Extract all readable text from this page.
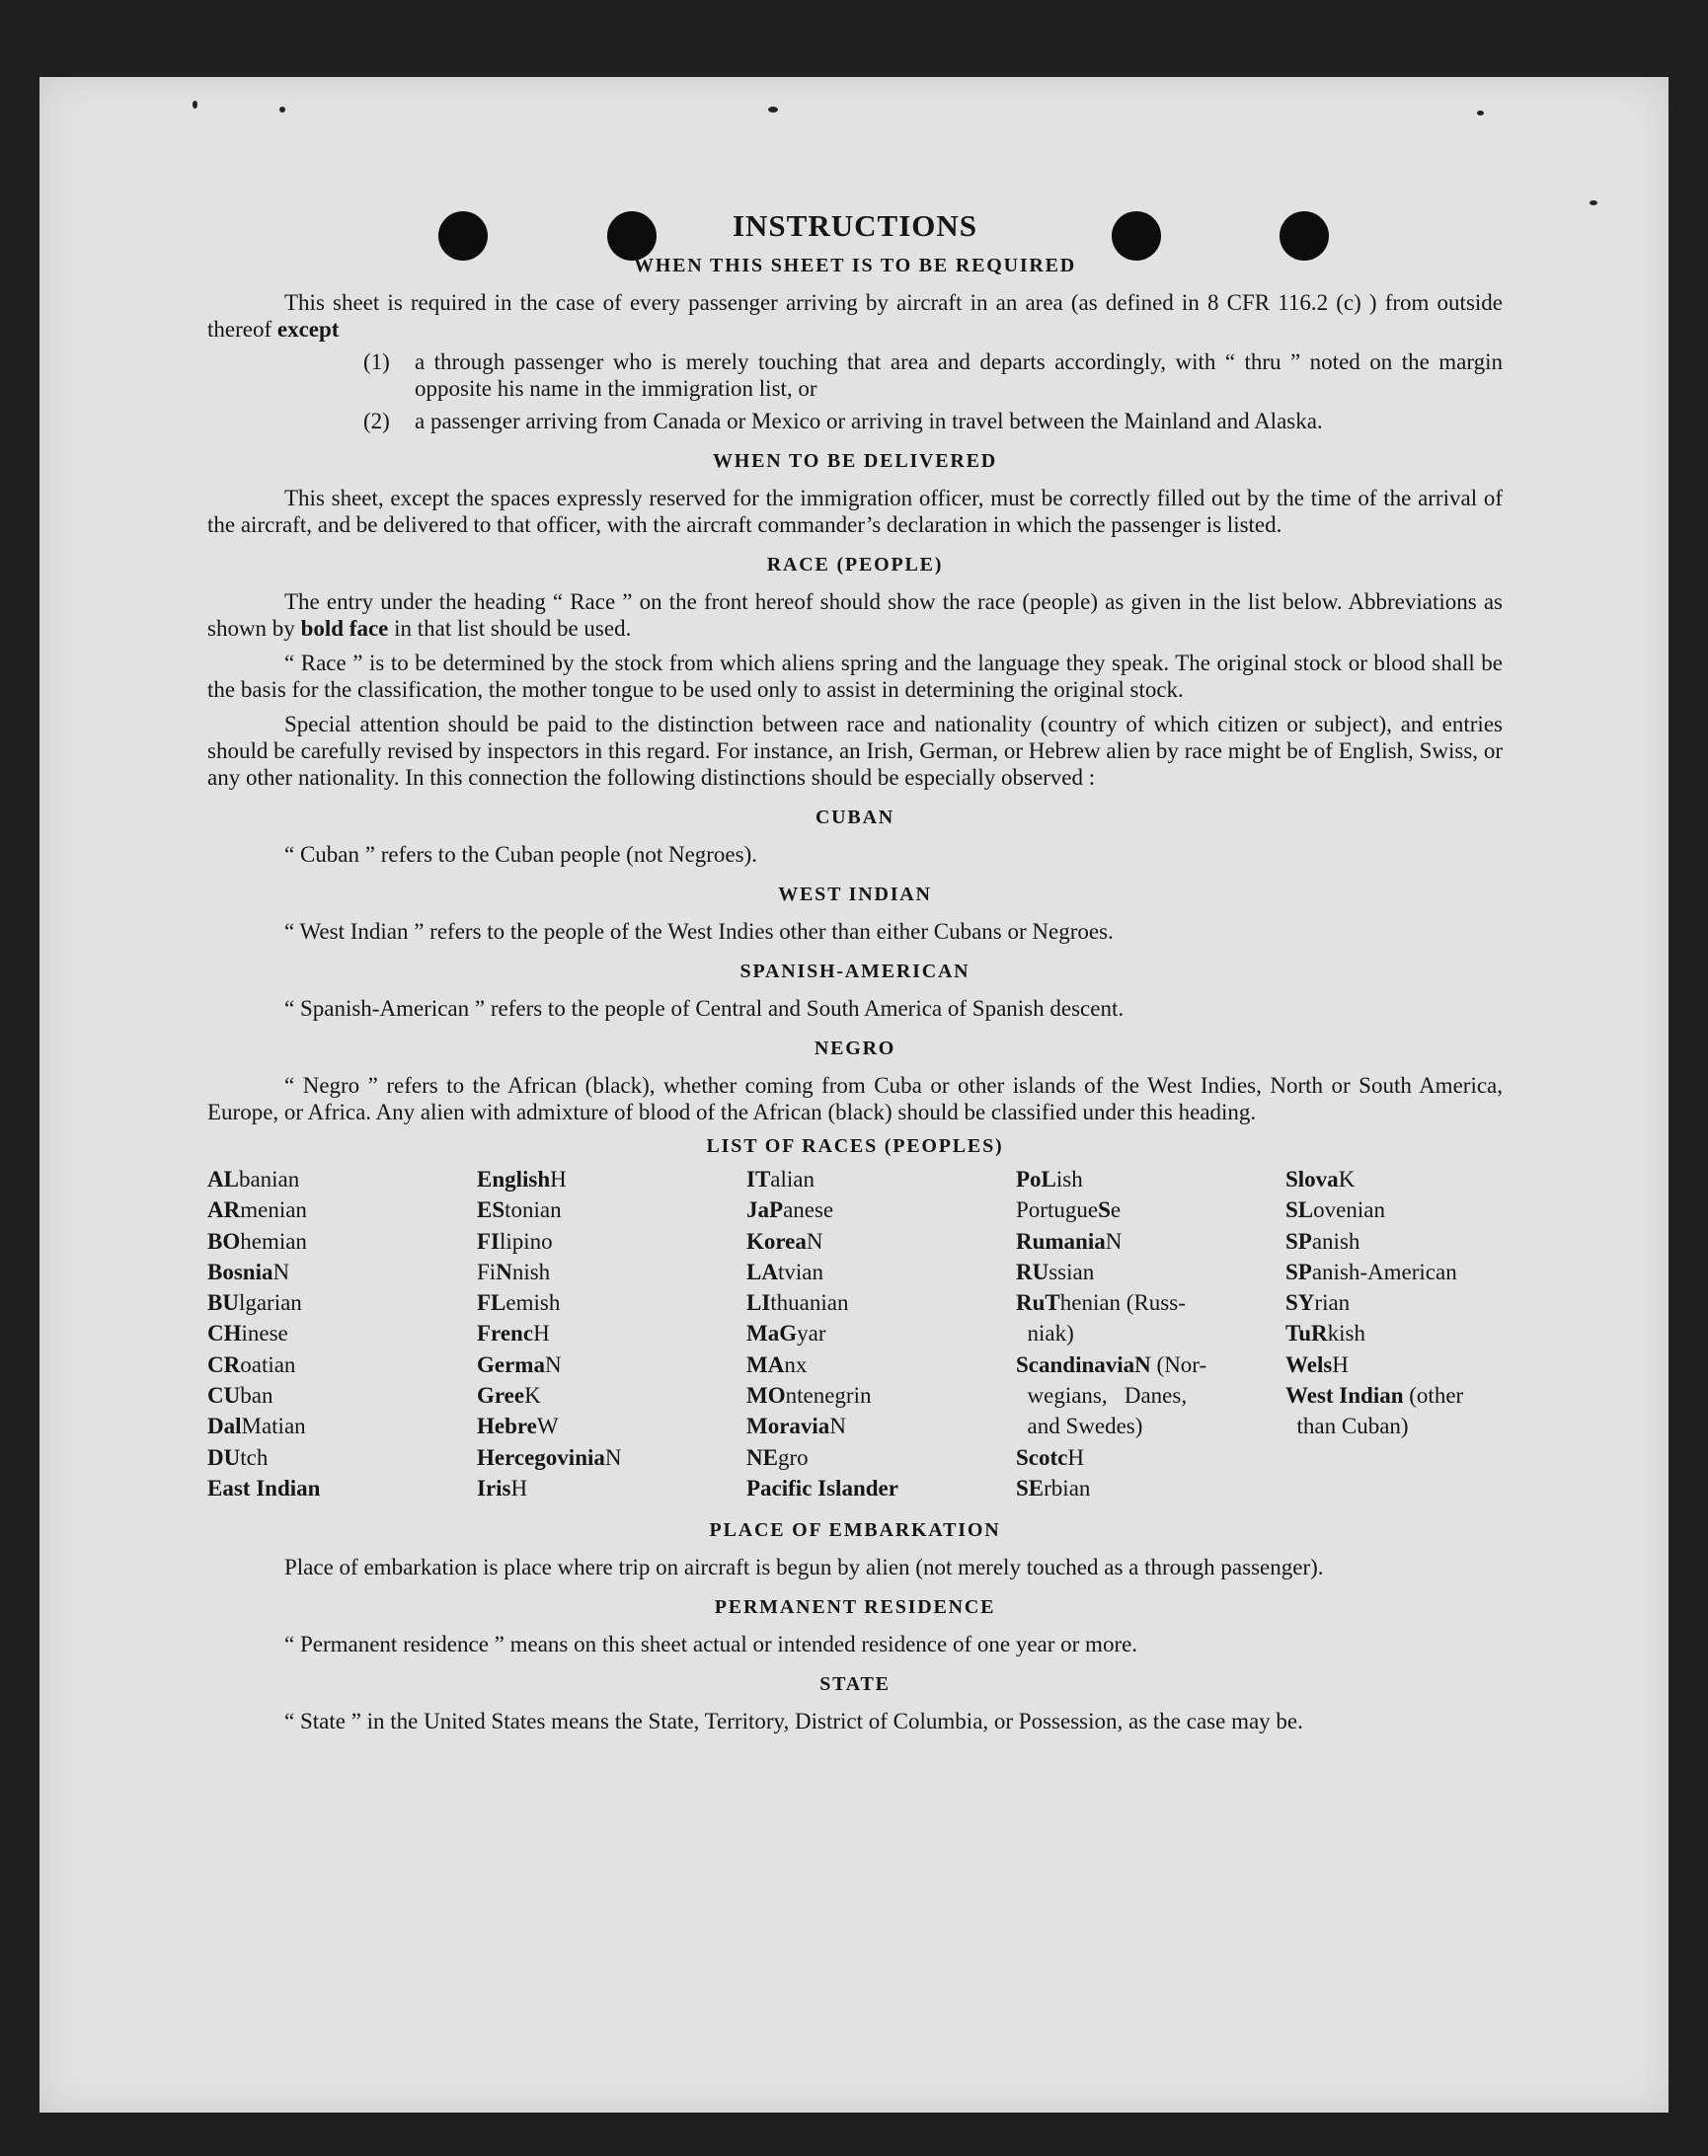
INSTRUCTIONS
WHEN THIS SHEET IS TO BE REQUIRED

This sheet is required in the case of every passenger arriving by aircraft in an area (as defined in 8 CFR 116.2 (c) ) from outside thereof except

(1)	a through passenger who is merely touching that area and departs accordingly, with “ thru ” noted on the margin opposite his name in the immigration list, or
(2)	a passenger arriving from Canada or Mexico or arriving in travel between the Mainland and Alaska.
WHEN TO BE DELIVERED

This sheet, except the spaces expressly reserved for the immigration officer, must be correctly filled out by the time of the arrival of the aircraft, and be delivered to that officer, with the aircraft commander’s declaration in which the passenger is listed.

RACE (PEOPLE)

The entry under the heading “ Race ” on the front hereof should show the race (people) as given in the list below. Abbreviations as shown by bold face in that list should be used.

“ Race ” is to be determined by the stock from which aliens spring and the language they speak. The original stock or blood shall be the basis for the classification, the mother tongue to be used only to assist in determining the original stock.

Special attention should be paid to the distinction between race and nationality (country of which citizen or subject), and entries should be carefully revised by inspectors in this regard. For instance, an Irish, German, or Hebrew alien by race might be of English, Swiss, or any other nationality. In this connection the following distinctions should be especially observed :

CUBAN

“ Cuban ” refers to the Cuban people (not Negroes).

WEST INDIAN

“ West Indian ” refers to the people of the West Indies other than either Cubans or Negroes.

SPANISH-AMERICAN

“ Spanish-American ” refers to the people of Central and South America of Spanish descent.

NEGRO

“ Negro ” refers to the African (black), whether coming from Cuba or other islands of the West Indies, North or South America, Europe, or Africa. Any alien with admixture of blood of the African (black) should be classified under this heading.

LIST OF RACES (PEOPLES)
ALbanian
ARmenian
BOhemian
BosniaN
BUlgarian
CHinese
CRoatian
CUban
DalMatian
DUtch
East Indian
EnglishH
EStonian
FIlipino
FiNnish
FLemish
FrencH
GermaN
GreeK
HebreW
HercegoviniaN
IrisH
ITalian
JaPanese
KoreaN
LAtvian
LIthuanian
MaGyar
MAnx
MOntenegrin
MoraviaN
NEgro
Pacific Islander
PoLish
PortugueSe
RumaniaN
RUssian
RuThenian (Russ-
niak)
ScandinaviaN (Nor-
wegians,   Danes,
and Swedes)
ScotcH
SErbian
SlovaK
SLovenian
SPanish
SPanish-American
SYrian
TuRkish
WelsH
West Indian (other
than Cuban)
PLACE OF EMBARKATION

Place of embarkation is place where trip on aircraft is begun by alien (not merely touched as a through passenger).

PERMANENT RESIDENCE

“ Permanent residence ” means on this sheet actual or intended residence of one year or more.

STATE

“ State ” in the United States means the State, Territory, District of Columbia, or Possession, as the case may be.
